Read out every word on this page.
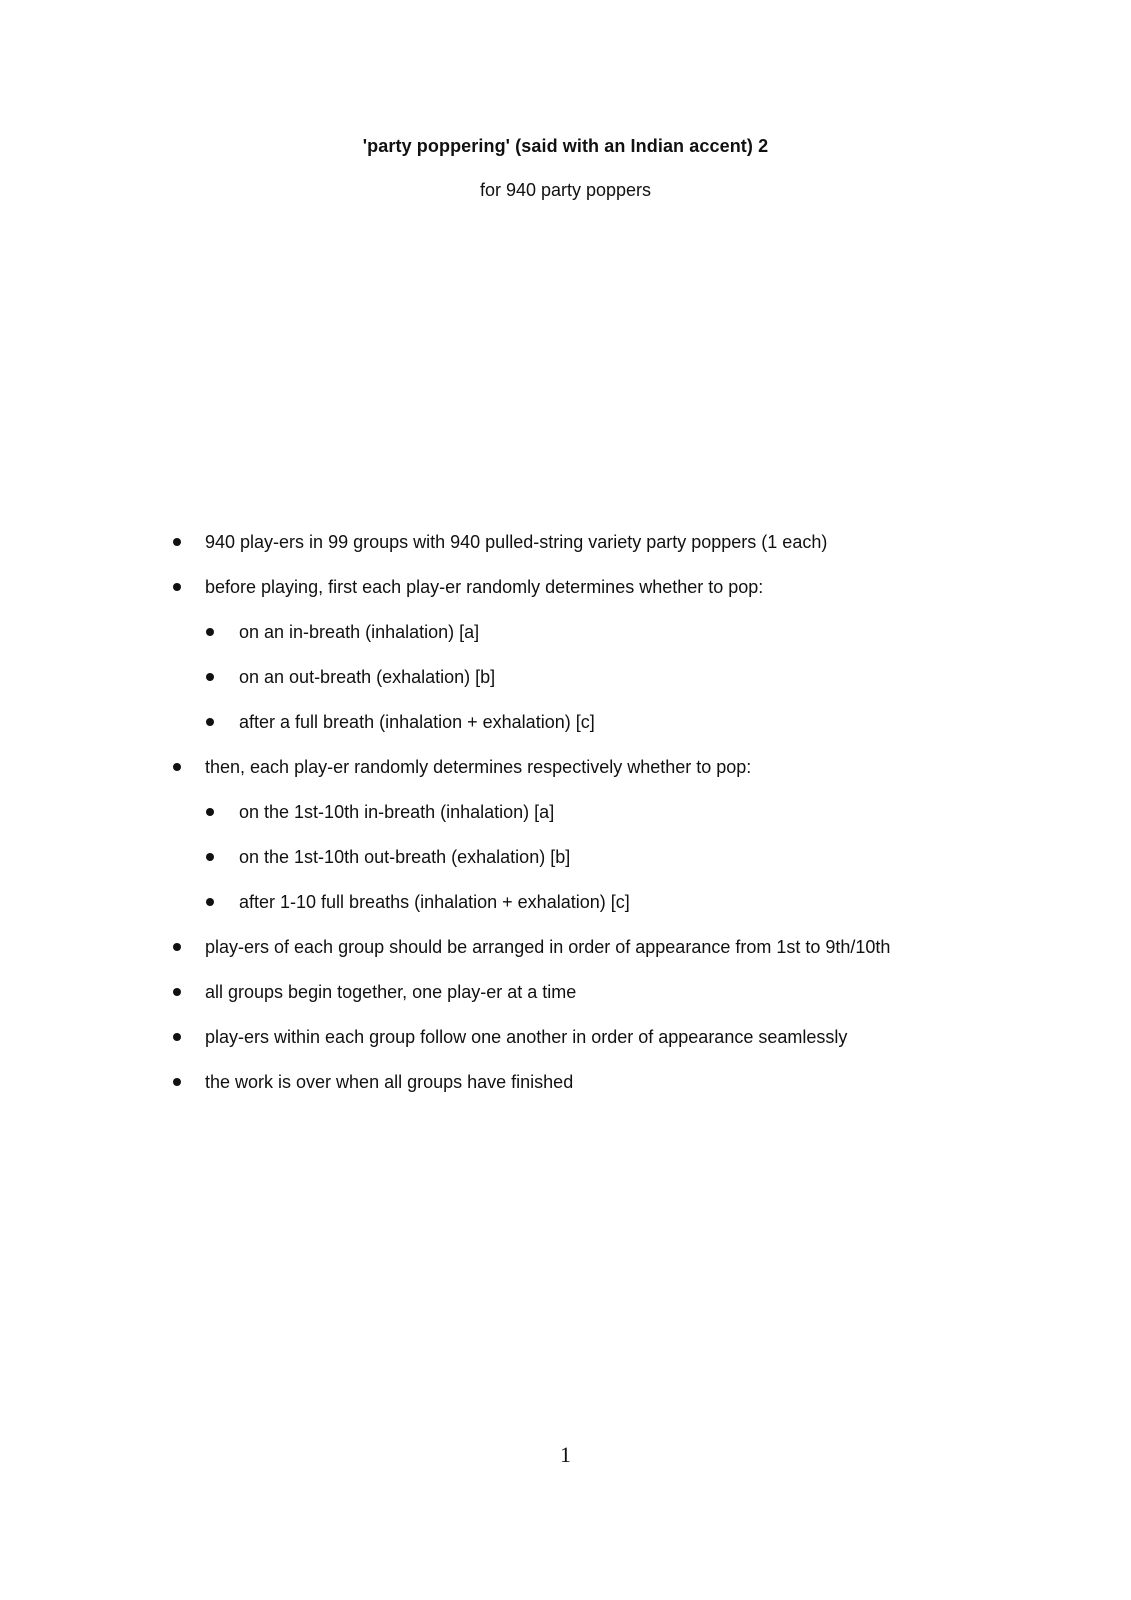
'party poppering' (said with an Indian accent) 2
for 940 party poppers
940 play-ers in 99 groups with 940 pulled-string variety party poppers (1 each)
before playing, first each play-er randomly determines whether to pop:
on an in-breath (inhalation) [a]
on an out-breath (exhalation) [b]
after a full breath (inhalation + exhalation) [c]
then, each play-er randomly determines respectively whether to pop:
on the 1st-10th in-breath (inhalation) [a]
on the 1st-10th out-breath (exhalation) [b]
after 1-10 full breaths (inhalation + exhalation) [c]
play-ers of each group should be arranged in order of appearance from 1st to 9th/10th
all groups begin together, one play-er at a time
play-ers within each group follow one another in order of appearance seamlessly
the work is over when all groups have finished
1
